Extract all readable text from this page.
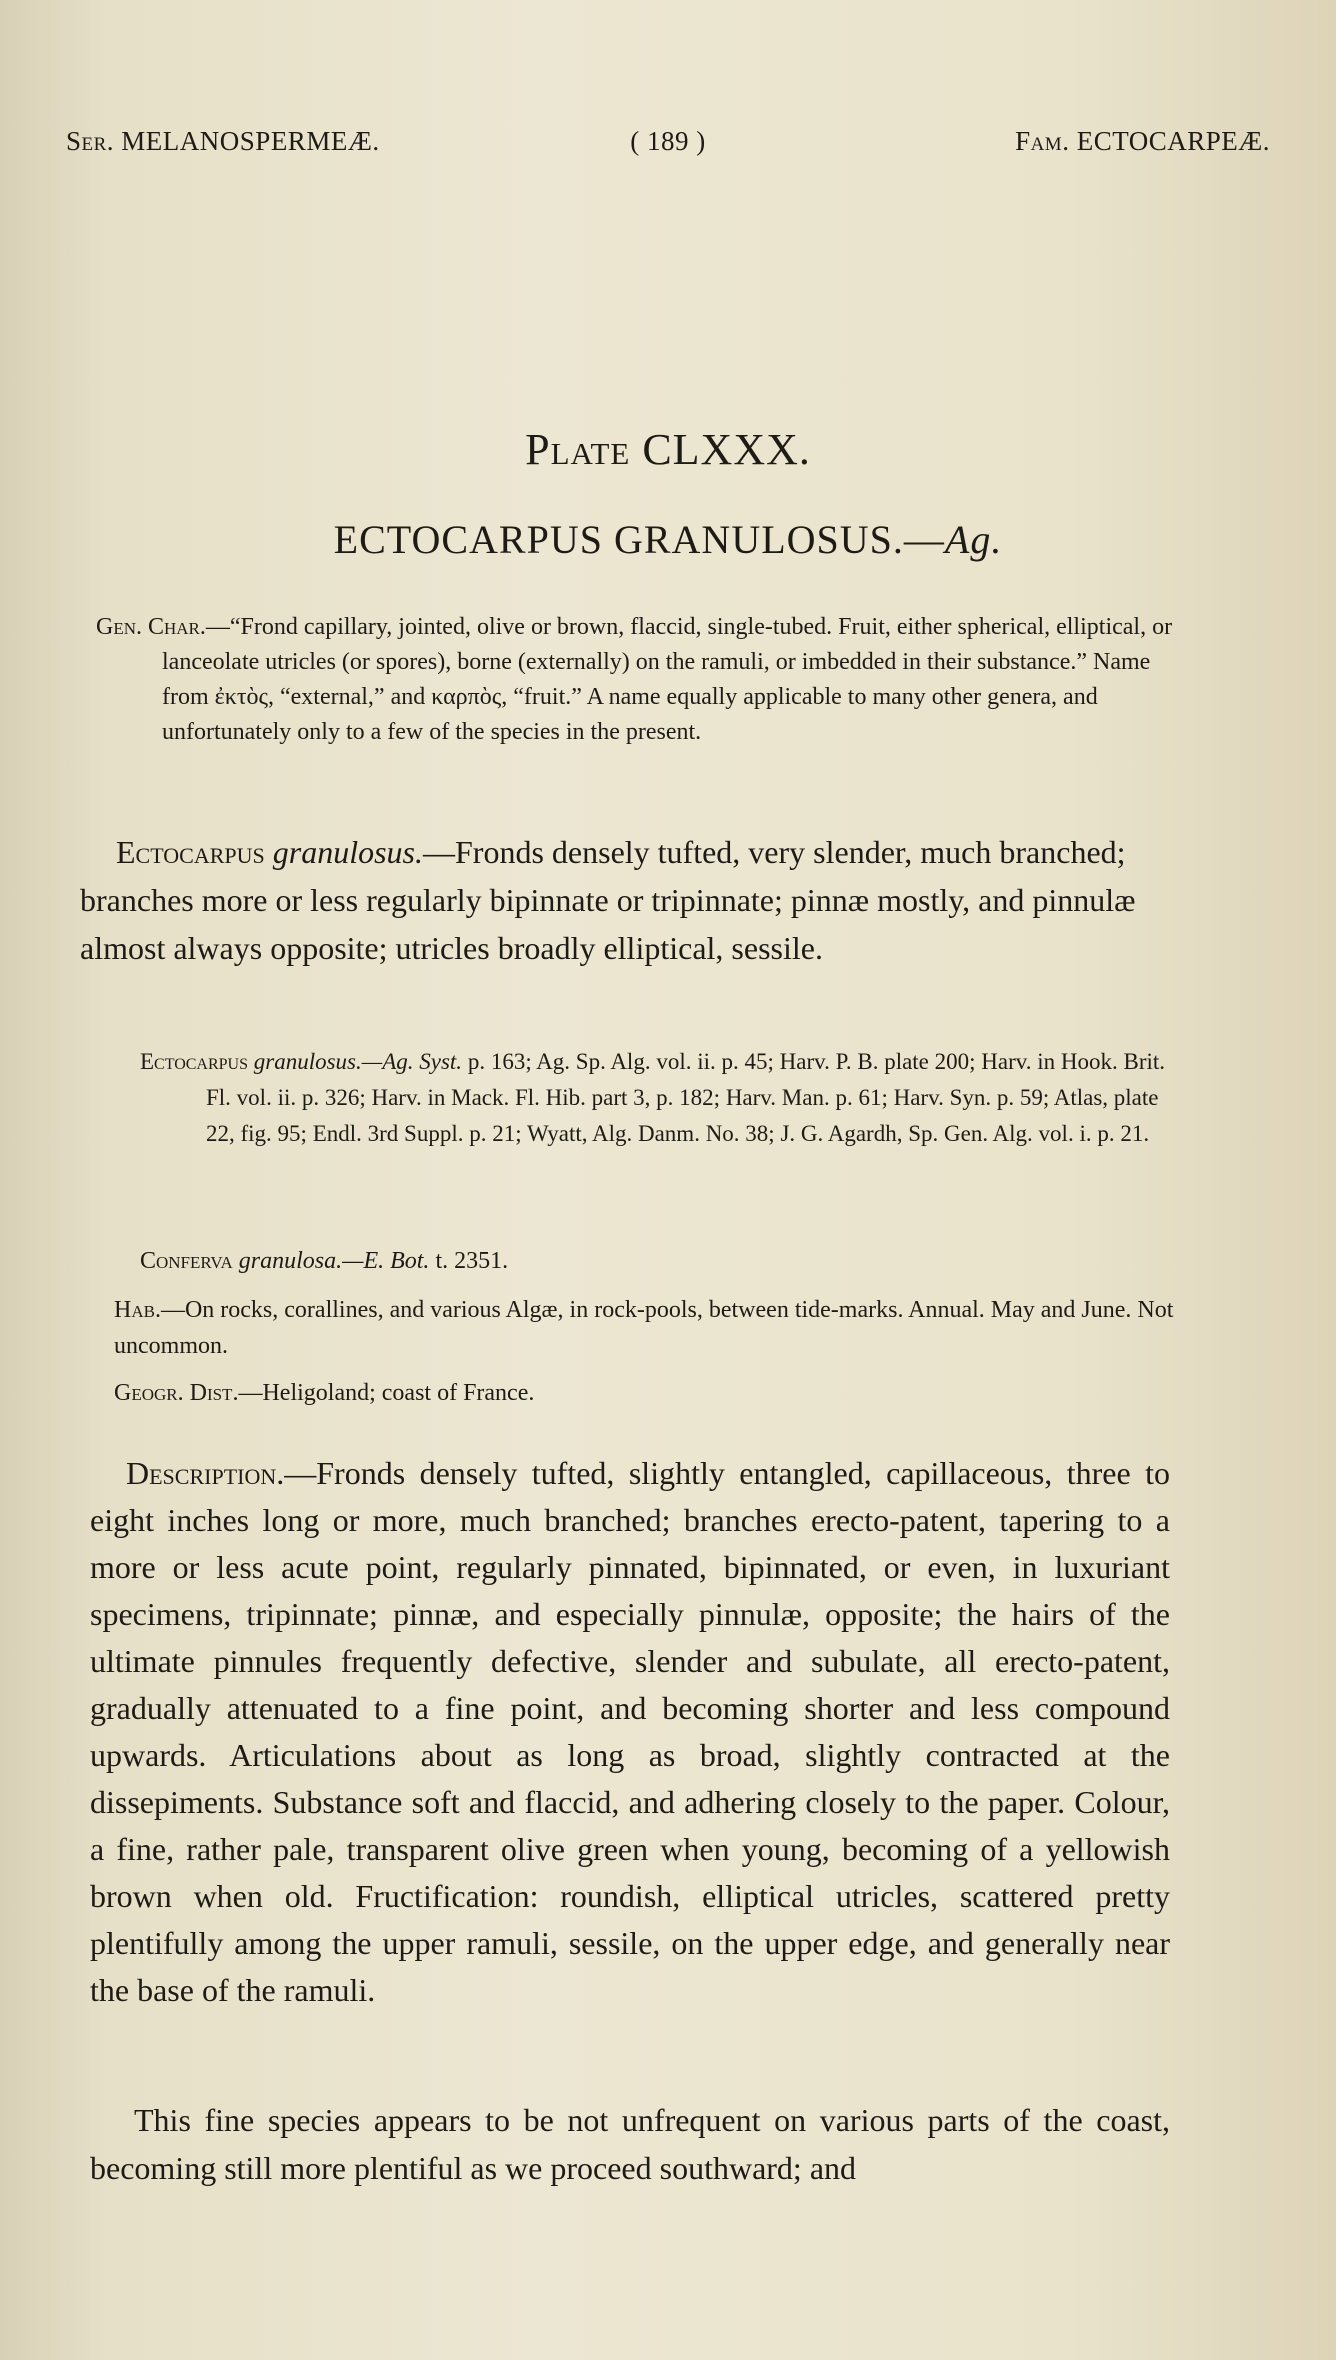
Ser. MELANOSPERMEÆ.	( 189 )	Fam. ECTOCARPEÆ.
Plate CLXXX.
ECTOCARPUS GRANULOSUS.—Ag.

Gen. Char.—“Frond capillary, jointed, olive or brown, flaccid, single-tubed. Fruit, either spherical, elliptical, or lanceolate utricles (or spores), borne (externally) on the ramuli, or imbedded in their substance.” Name from ἐκτὸς, “external,” and καρπὸς, “fruit.” A name equally applicable to many other genera, and unfortunately only to a few of the species in the present.

Ectocarpus granulosus.—Fronds densely tufted, very slender, much branched; branches more or less regularly bipinnate or tripinnate; pinnæ mostly, and pinnulæ almost always opposite; utricles broadly elliptical, sessile.

Ectocarpus granulosus.—Ag. Syst. p. 163; Ag. Sp. Alg. vol. ii. p. 45; Harv. P. B. plate 200; Harv. in Hook. Brit. Fl. vol. ii. p. 326; Harv. in Mack. Fl. Hib. part 3, p. 182; Harv. Man. p. 61; Harv. Syn. p. 59; Atlas, plate 22, fig. 95; Endl. 3rd Suppl. p. 21; Wyatt, Alg. Danm. No. 38; J. G. Agardh, Sp. Gen. Alg. vol. i. p. 21.

Conferva granulosa.—E. Bot. t. 2351.

Hab.—On rocks, corallines, and various Algæ, in rock-pools, between tide-marks. Annual. May and June. Not uncommon.

Geogr. Dist.—Heligoland; coast of France.

Description.—Fronds densely tufted, slightly entangled, capillaceous, three to eight inches long or more, much branched; branches erecto-patent, tapering to a more or less acute point, regularly pinnated, bipinnated, or even, in luxuriant specimens, tripinnate; pinnæ, and especially pinnulæ, opposite; the hairs of the ultimate pinnules frequently defective, slender and subulate, all erecto-patent, gradually attenuated to a fine point, and becoming shorter and less compound upwards. Articulations about as long as broad, slightly contracted at the dissepiments. Substance soft and flaccid, and adhering closely to the paper. Colour, a fine, rather pale, transparent olive green when young, becoming of a yellowish brown when old. Fructification: roundish, elliptical utricles, scattered pretty plentifully among the upper ramuli, sessile, on the upper edge, and generally near the base of the ramuli.

This fine species appears to be not unfrequent on various parts of the coast, becoming still more plentiful as we proceed southward; and
